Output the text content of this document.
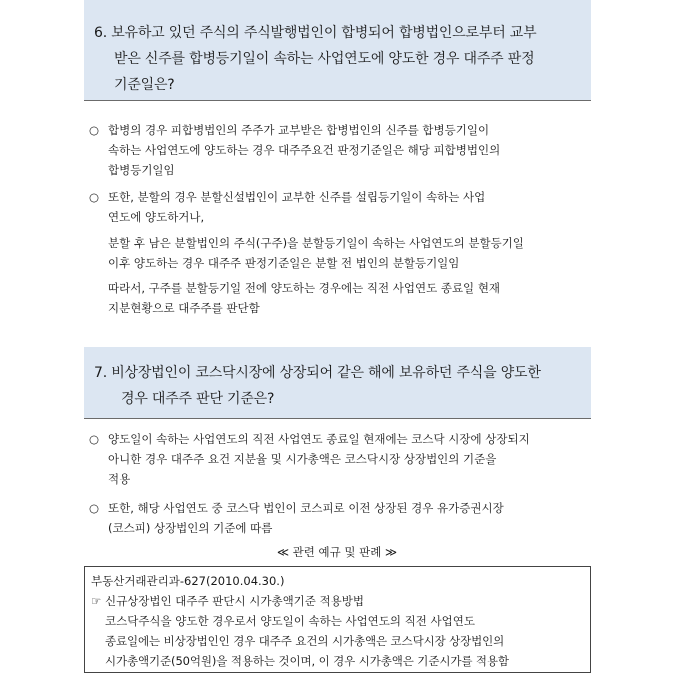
6. 보유하고 있던 주식의 주식발행법인이 합병되어 합병법인으로부터 교부
받은 신주를 합병등기일이 속하는 사업연도에 양도한 경우 대주주 판정
기준일은?
○ 합병의 경우 피합병법인의 주주가 교부받은 합병법인의 신주를 합병등기일이
속하는 사업연도에 양도하는 경우 대주주요건 판정기준일은 해당 피합병법인의
합병등기일임
○ 또한, 분할의 경우 분할신설법인이 교부한 신주를 설립등기일이 속하는 사업
연도에 양도하거나,
분할 후 남은 분할법인의 주식(구주)을 분할등기일이 속하는 사업연도의 분할등기일
이후 양도하는 경우 대주주 판정기준일은 분할 전 법인의 분할등기일임
따라서, 구주를 분할등기일 전에 양도하는 경우에는 직전 사업연도 종료일 현재
지분현황으로 대주주를 판단함
7. 비상장법인이 코스닥시장에 상장되어 같은 해에 보유하던 주식을 양도한
경우 대주주 판단 기준은?
○ 양도일이 속하는 사업연도의 직전 사업연도 종료일 현재에는 코스닥 시장에 상장되지
아니한 경우 대주주 요건 지분율 및 시가총액은 코스닥시장 상장법인의 기준을
적용
○ 또한, 해당 사업연도 중 코스닥 법인이 코스피로 이전 상장된 경우 유가증권시장
(코스피) 상장법인의 기준에 따름
≪ 관련 예규 및 판례 ≫
부동산거래관리과-627(2010.04.30.)
☞ 신규상장법인 대주주 판단시 시가총액기준 적용방법
코스닥주식을 양도한 경우로서 양도일이 속하는 사업연도의 직전 사업연도
종료일에는 비상장법인인 경우 대주주 요건의 시가총액은 코스닥시장 상장법인의
시가총액기준(50억원)을 적용하는 것이며, 이 경우 시가총액은 기준시가를 적용함
